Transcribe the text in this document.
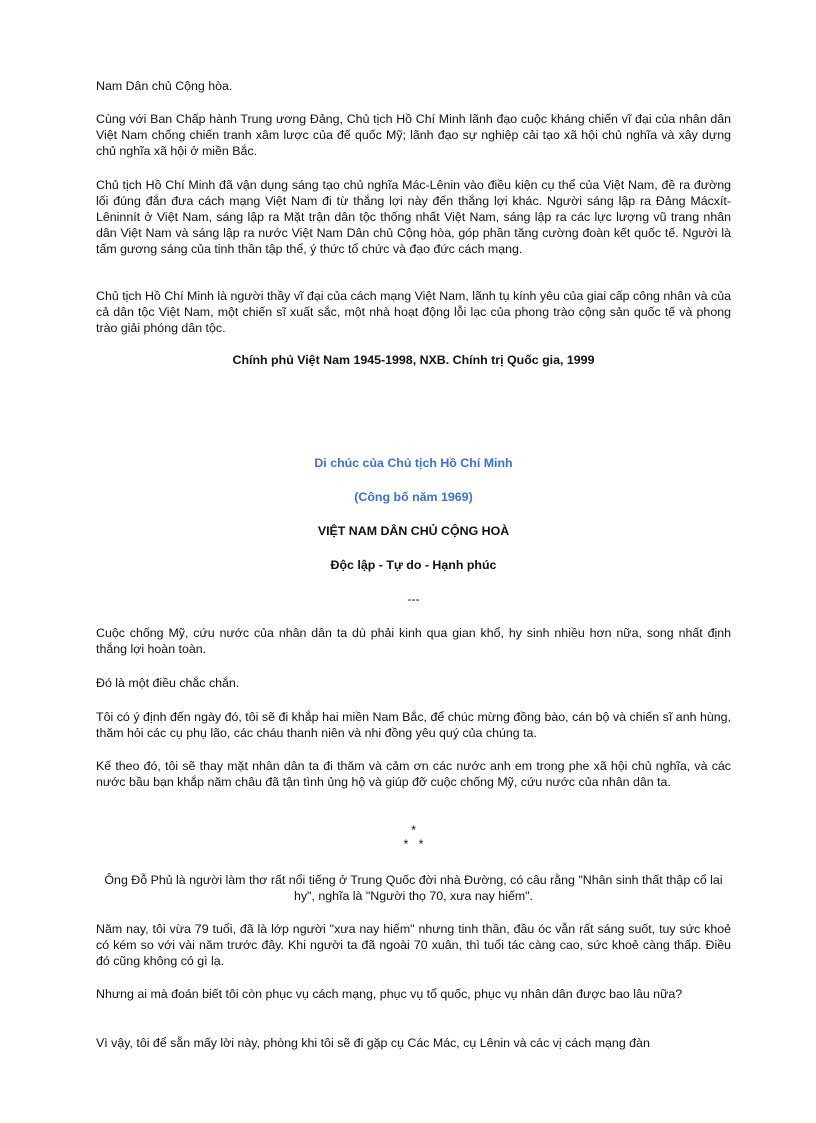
Nam Dân chủ Cộng hòa.

Cùng với Ban Chấp hành Trung ương Đảng, Chủ tịch Hồ Chí Minh lãnh đạo cuộc kháng chiến vĩ đại của nhân dân Việt Nam chống chiến tranh xâm lược của đế quốc Mỹ; lãnh đạo sự nghiệp cải tạo xã hội chủ nghĩa và xây dựng chủ nghĩa xã hội ở miền Bắc.

Chủ tịch Hồ Chí Minh đã vận dụng sáng tạo chủ nghĩa Mác-Lênin vào điều kiện cụ thể của Việt Nam, đề ra đường lối đúng đắn đưa cách mạng Việt Nam đi từ thắng lợi này đến thắng lợi khác. Người sáng lập ra Đảng Mácxít-Lêninnít ở Việt Nam, sáng lập ra Mặt trận dân tộc thống nhất Việt Nam, sáng lập ra các lực lượng vũ trang nhân dân Việt Nam và sáng lập ra nước Việt Nam Dân chủ Cộng hòa, góp phần tăng cường đoàn kết quốc tế. Người là tấm gương sáng của tinh thần tập thể, ý thức tổ chức và đạo đức cách mạng.

Chủ tịch Hồ Chí Minh là người thầy vĩ đại của cách mạng Việt Nam, lãnh tụ kính yêu của giai cấp công nhân và của cả dân tộc Việt Nam, một chiến sĩ xuất sắc, một nhà hoạt động lỗi lạc của phong trào cộng sản quốc tế và phong trào giải phóng dân tộc.

Chính phủ Việt Nam 1945-1998, NXB. Chính trị Quốc gia, 1999

Di chúc của Chủ tịch Hồ Chí Minh

(Công bố năm 1969)

VIỆT NAM DÂN CHỦ CỘNG HOÀ

Độc lập - Tự do - Hạnh phúc

---

Cuộc chống Mỹ, cứu nước của nhân dân ta dù phải kinh qua gian khổ, hy sinh nhiều hơn nữa, song nhất định thắng lợi hoàn toàn.

Đó là một điều chắc chắn.

Tôi có ý định đến ngày đó, tôi sẽ đi khắp hai miền Nam Bắc, để chúc mừng đồng bào, cán bộ và chiến sĩ anh hùng, thăm hỏi các cụ phụ lão, các cháu thanh niên và nhi đồng yêu quý của chúng ta.

Kế theo đó, tôi sẽ thay mặt nhân dân ta đi thăm và cảm ơn các nước anh em trong phe xã hội chủ nghĩa, và các nước bầu bạn khắp năm châu đã tận tình ủng hộ và giúp đỡ cuộc chống Mỹ, cứu nước của nhân dân ta.

*

*   *

Ông Đỗ Phủ là người làm thơ rất nổi tiếng ở Trung Quốc đời nhà Đường, có câu rằng "Nhân sinh thất thập cổ lai hy", nghĩa là "Người thọ 70, xưa nay hiếm".

Năm nay, tôi vừa 79 tuổi, đã là lớp người "xưa nay hiếm" nhưng tinh thần, đầu óc vẫn rất sáng suốt, tuy sức khoẻ có kém so với vài năm trước đây. Khi người ta đã ngoài 70 xuân, thì tuổi tác càng cao, sức khoẻ càng thấp. Điều đó cũng không có gì lạ.

Nhưng ai mà đoán biết tôi còn phục vụ cách mạng, phục vụ tổ quốc, phục vụ nhân dân được bao lâu nữa?

Vì vậy, tôi để sẵn mấy lời này, phòng khi tôi sẽ đi gặp cụ Các Mác, cụ Lênin và các vị cách mạng đàn
